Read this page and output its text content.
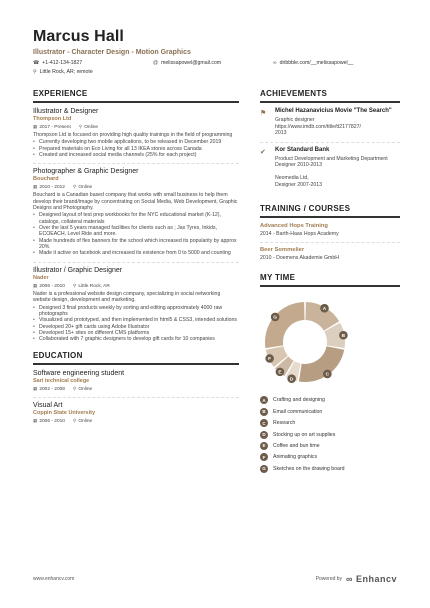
Marcus Hall
Illustrator - Character Design - Motion Graphics
☎ +1-412-134-1827	@ melissapowel@gmail.com	∞ dribbble.com/__melissapowel__
⚲ Little Rock, AR; remote
EXPERIENCE
Illustrator & Designer
Thompson Ltd
▦ 2017 - Present ⚲ Online
Thompson Ltd is focused on providing high quality trainings in the field of programming
• Currently developing two mobile applications, to be released in December 2019
• Prepared materials on Eco Living for all 13 IKEA stores across Canada
• Created and increased social media channels (25% for each project)
Photographer & Graphic Designer
Bouchard
▦ 2010 - 2012 ⚲ Online
Bouchard is a Canadian based company that works with small business to help them develop their brand/image by concentrating on Social Media, Web Development, Graphic Designs and Photography.
• Designed layout of test prep workbooks for the NYC educational market (K-12), catalogs, collateral materials
• Over the last 5 years managed facilities for clients such as ; Jax Tyres, Inkids, ECOEACH, Level Ride and more.
• Made hundreds of flex banners for the school which increased its popularity by approx 20%
• Made it active on facebook and increased its existence from 0 to 5000 and counting
Illustrator / Graphic Designer
Nader
▦ 2006 - 2010 ⚲ Little Rock, AR
Nader is a professional website design company, specializing in social networking website design, development and marketing.
• Designed 3 final products weekly by sorting and editing approximately 4000 raw photographs
• Visualized and prototyped, and then implemented in html5 & CSS3, intended solutions
• Developed 20+ gift cards using Adobe Illustrator
• Developed 15+ sites on different CMS platforms
• Collaborated with 7 graphic designers to develop gift cards for 10 companies
EDUCATION
Software engineering student
Sari technical college
▦ 2002 - 2008 ⚲ Online
Visual Art
Coppin State University
▦ 2006 - 2010 ⚲ Online
ACHIEVEMENTS
⚑	Michel Hazanavicius Movie "The Search"
Graphic designer
https://www.imdb.com/title/tt2177827/
2013
✔	Kor Standard Bank
Product Development and Marketing Department
Designer 2010-2013

Neomedia Ltd,
Designer 2007-2013
TRAINING / COURSES
Advanced Hops Training
2014 - Barth-Haas Hops Academy
Beer Sommelier
2010 - Doemens Akademie GmbH
MY TIME
A
B
C
D
E
F
G
A	Crafting and designing
B	Email communication
C	Research
D	Stocking up on art supplies
E	Coffee and bun time
F	Animating graphics
G	Sketches on the drawing board
www.enhancv.com	Powered by ∞ Enhancv
